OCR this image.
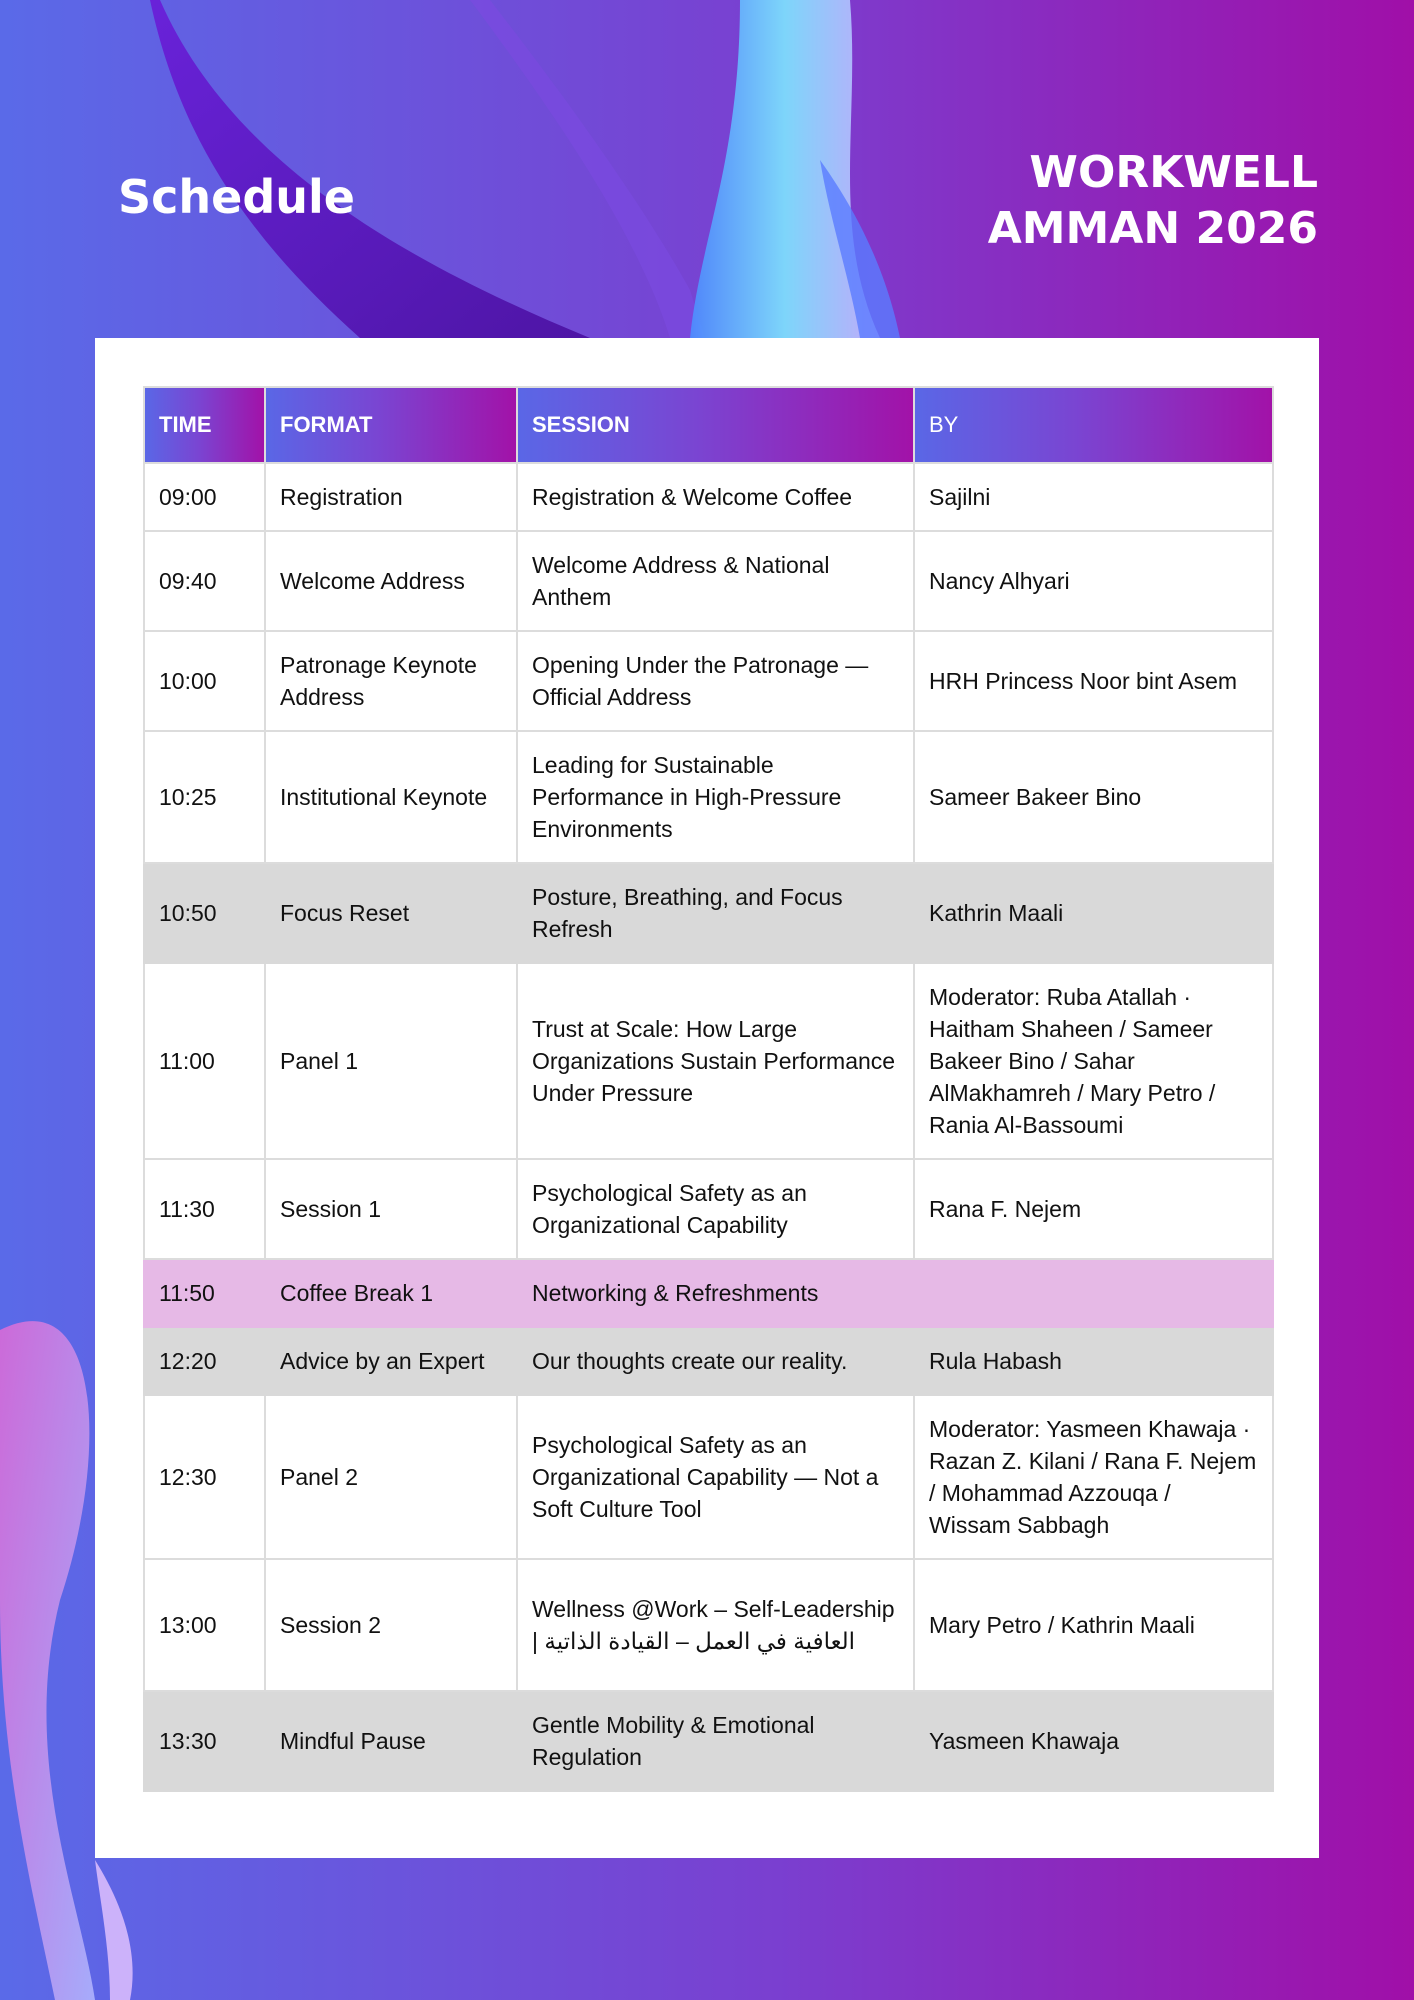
Schedule	WORKWELL
AMMAN 2026
TIME	FORMAT	SESSION	BY
09:00	Registration	Registration & Welcome Coffee	Sajilni
09:40	Welcome Address	Welcome Address & National Anthem	Nancy Alhyari
10:00	Patronage Keynote Address	Opening Under the Patronage — Official Address	HRH Princess Noor bint Asem
10:25	Institutional Keynote	Leading for Sustainable Performance in High-Pressure Environments	Sameer Bakeer Bino
10:50	Focus Reset	Posture, Breathing, and Focus Refresh	Kathrin Maali
11:00	Panel 1	Trust at Scale: How Large Organizations Sustain Performance Under Pressure	Moderator: Ruba Atallah · Haitham Shaheen / Sameer Bakeer Bino / Sahar AlMakhamreh / Mary Petro / Rania Al-Bassoumi
11:30	Session 1	Psychological Safety as an Organizational Capability	Rana F. Nejem
11:50	Coffee Break 1	Networking & Refreshments	
12:20	Advice by an Expert	Our thoughts create our reality.	Rula Habash
12:30	Panel 2	Psychological Safety as an Organizational Capability — Not a Soft Culture Tool	Moderator: Yasmeen Khawaja · Razan Z. Kilani / Rana F. Nejem / Mohammad Azzouqa / Wissam Sabbagh
13:00	Session 2	Wellness @Work – Self-Leadership | العافية في العمل – القيادة الذاتية	Mary Petro / Kathrin Maali
13:30	Mindful Pause	Gentle Mobility & Emotional Regulation	Yasmeen Khawaja
